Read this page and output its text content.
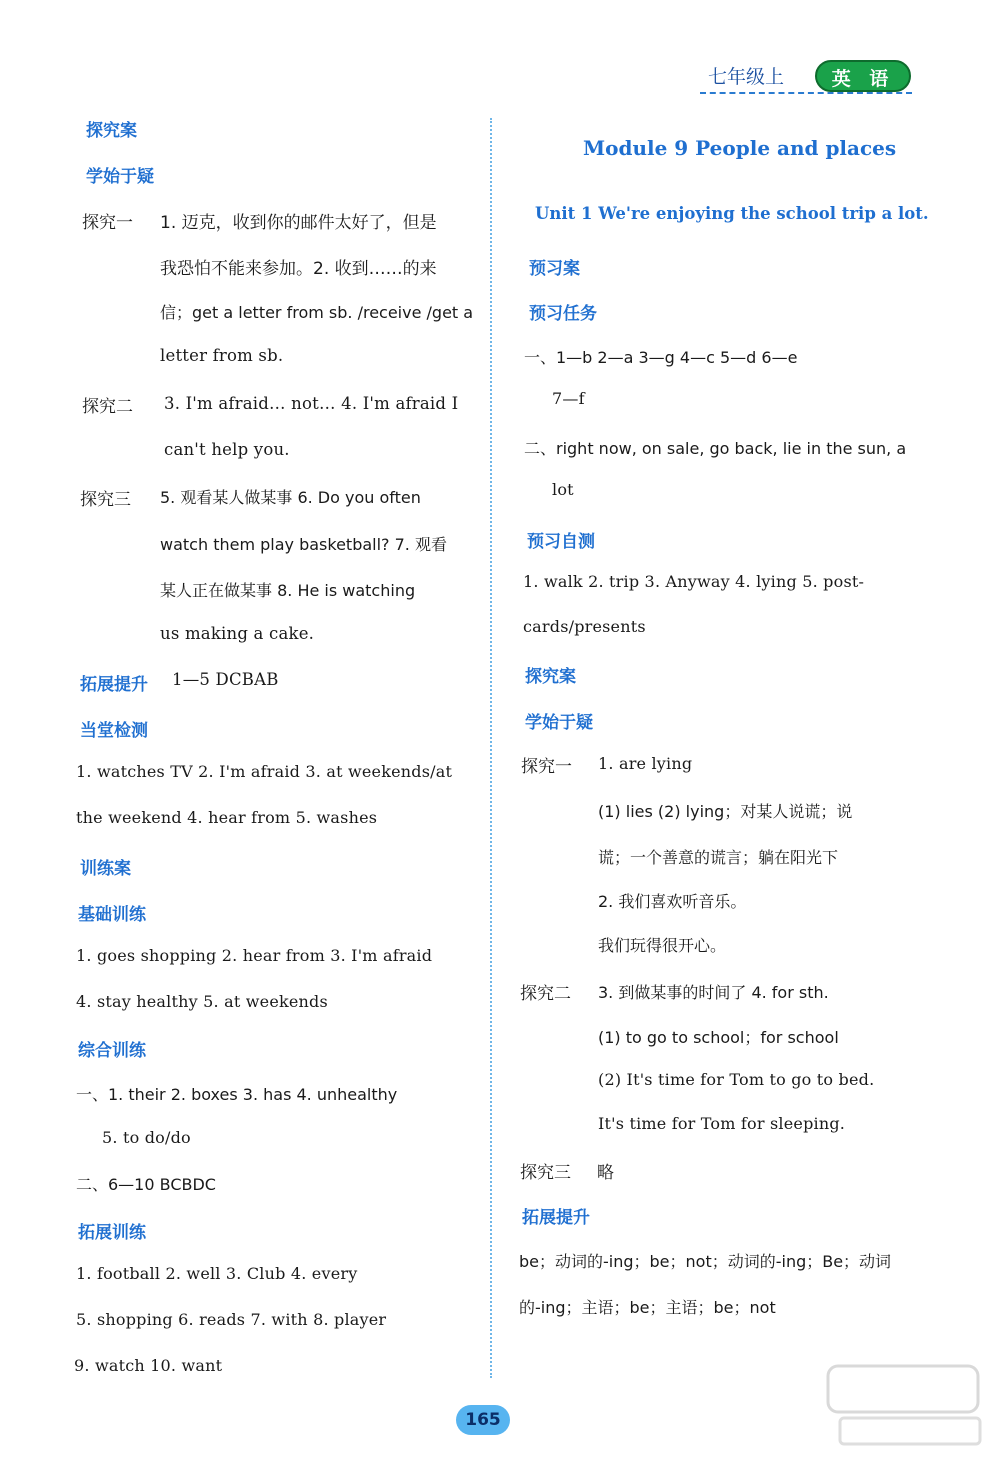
七年级上	英 语
探究案
学始于疑
探究一 1. 迈克，收到你的邮件太好了，但是
我恐怕不能来参加。2. 收到……的来
信；get a letter from sb. /receive /get a
letter from sb.
探究二 3. I'm afraid… not… 4. I'm afraid I
can't help you.
探究三 5. 观看某人做某事 6. Do you often
watch them play basketball? 7. 观看
某人正在做某事 8. He is watching
us making a cake.
拓展提升 1—5 DCBAB
当堂检测
1. watches TV 2. I'm afraid 3. at weekends/at
the weekend 4. hear from 5. washes
训练案
基础训练
1. goes shopping 2. hear from 3. I'm afraid
4. stay healthy 5. at weekends
综合训练
一、1. their 2. boxes 3. has 4. unhealthy
5. to do/do
二、6—10 BCBDC
拓展训练
1. football 2. well 3. Club 4. every
5. shopping 6. reads 7. with 8. player
9. watch 10. want
Module 9 People and places
Unit 1 We're enjoying the school trip a lot.
预习案
预习任务
一、1—b 2—a 3—g 4—c 5—d 6—e
7—f
二、right now, on sale, go back, lie in the sun, a
lot
预习自测
1. walk 2. trip 3. Anyway 4. lying 5. post-
cards/presents
探究案
学始于疑
探究一 1. are lying
(1) lies (2) lying；对某人说谎；说
谎；一个善意的谎言；躺在阳光下
2. 我们喜欢听音乐。
我们玩得很开心。
探究二 3. 到做某事的时间了 4. for sth.
(1) to go to school；for school
(2) It's time for Tom to go to bed.
It's time for Tom for sleeping.
探究三 略
拓展提升
be；动词的-ing；be；not；动词的-ing；Be；动词
的-ing；主语；be；主语；be；not
165
